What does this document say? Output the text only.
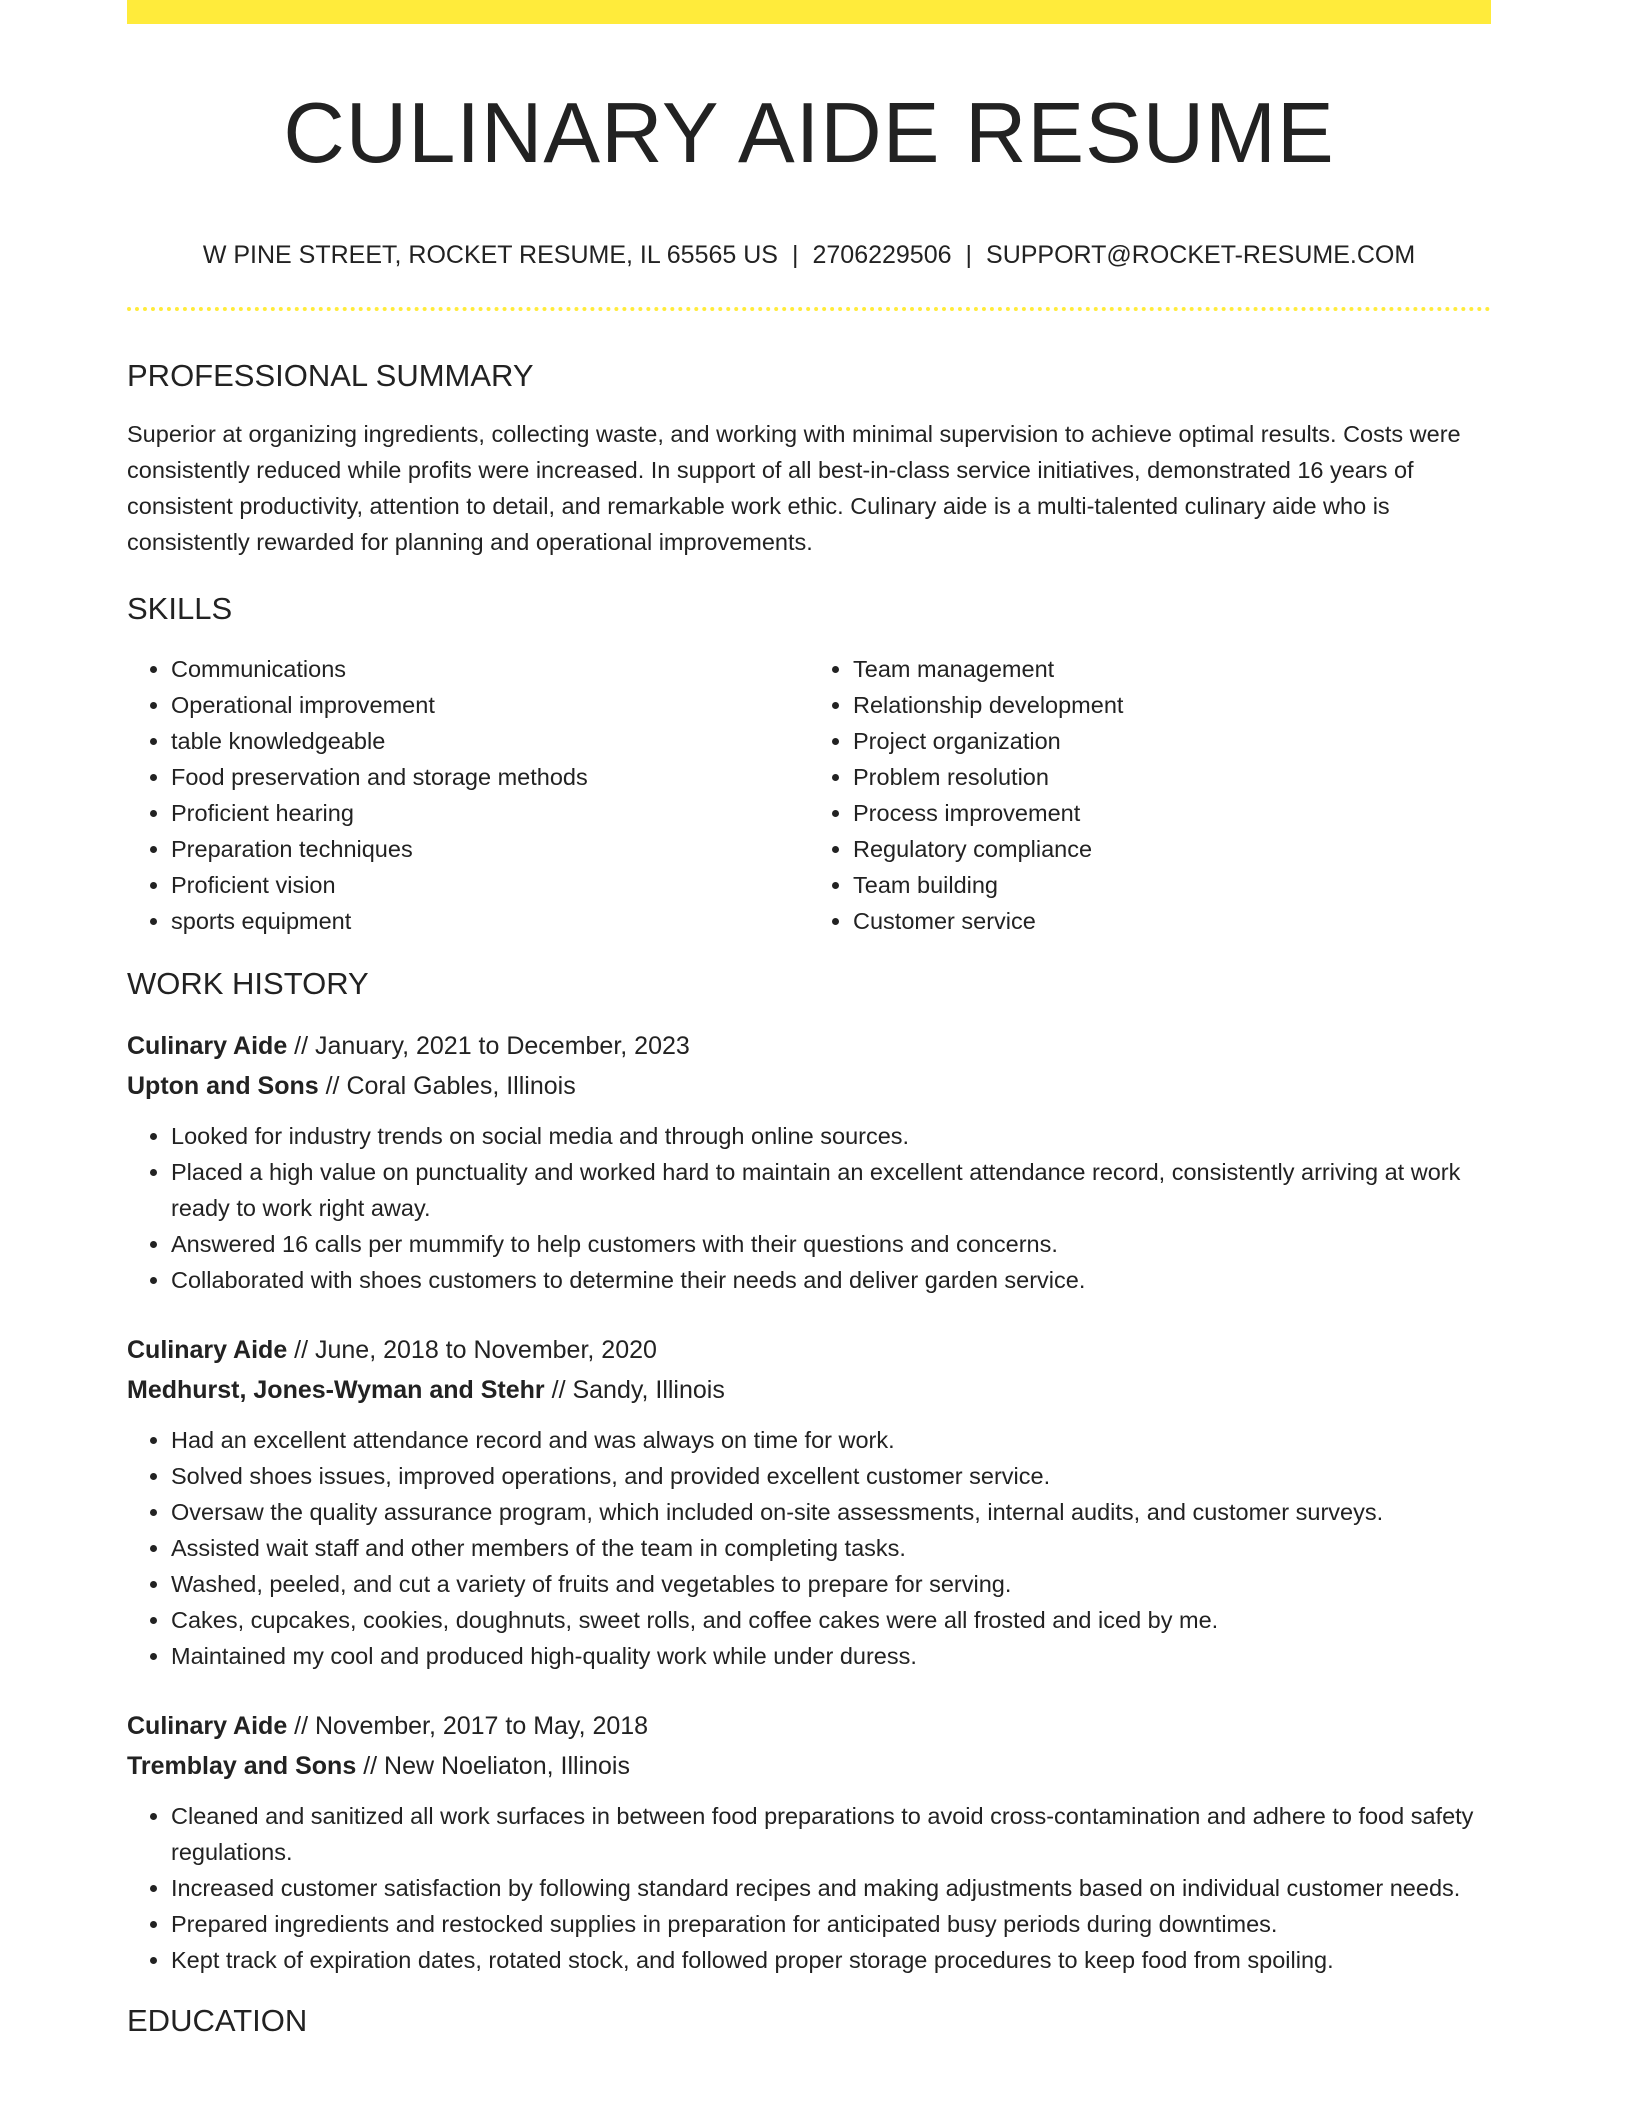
CULINARY AIDE RESUME
W PINE STREET, ROCKET RESUME, IL 65565 US | 2706229506 | SUPPORT@ROCKET-RESUME.COM
PROFESSIONAL SUMMARY

Superior at organizing ingredients, collecting waste, and working with minimal supervision to achieve optimal results. Costs were consistently reduced while profits were increased. In support of all best-in-class service initiatives, demonstrated 16 years of consistent productivity, attention to detail, and remarkable work ethic. Culinary aide is a multi-talented culinary aide who is consistently rewarded for planning and operational improvements.

SKILLS
• Communications
• Operational improvement
• table knowledgeable
• Food preservation and storage methods
• Proficient hearing
• Preparation techniques
• Proficient vision
• sports equipment
• Team management
• Relationship development
• Project organization
• Problem resolution
• Process improvement
• Regulatory compliance
• Team building
• Customer service
WORK HISTORY
Culinary Aide // January, 2021 to December, 2023
Upton and Sons // Coral Gables, Illinois
• Looked for industry trends on social media and through online sources.
• Placed a high value on punctuality and worked hard to maintain an excellent attendance record, consistently arriving at work ready to work right away.
• Answered 16 calls per mummify to help customers with their questions and concerns.
• Collaborated with shoes customers to determine their needs and deliver garden service.
Culinary Aide // June, 2018 to November, 2020
Medhurst, Jones-Wyman and Stehr // Sandy, Illinois
• Had an excellent attendance record and was always on time for work.
• Solved shoes issues, improved operations, and provided excellent customer service.
• Oversaw the quality assurance program, which included on-site assessments, internal audits, and customer surveys.
• Assisted wait staff and other members of the team in completing tasks.
• Washed, peeled, and cut a variety of fruits and vegetables to prepare for serving.
• Cakes, cupcakes, cookies, doughnuts, sweet rolls, and coffee cakes were all frosted and iced by me.
• Maintained my cool and produced high-quality work while under duress.
Culinary Aide // November, 2017 to May, 2018
Tremblay and Sons // New Noeliaton, Illinois
• Cleaned and sanitized all work surfaces in between food preparations to avoid cross-contamination and adhere to food safety regulations.
• Increased customer satisfaction by following standard recipes and making adjustments based on individual customer needs.
• Prepared ingredients and restocked supplies in preparation for anticipated busy periods during downtimes.
• Kept track of expiration dates, rotated stock, and followed proper storage procedures to keep food from spoiling.
EDUCATION
